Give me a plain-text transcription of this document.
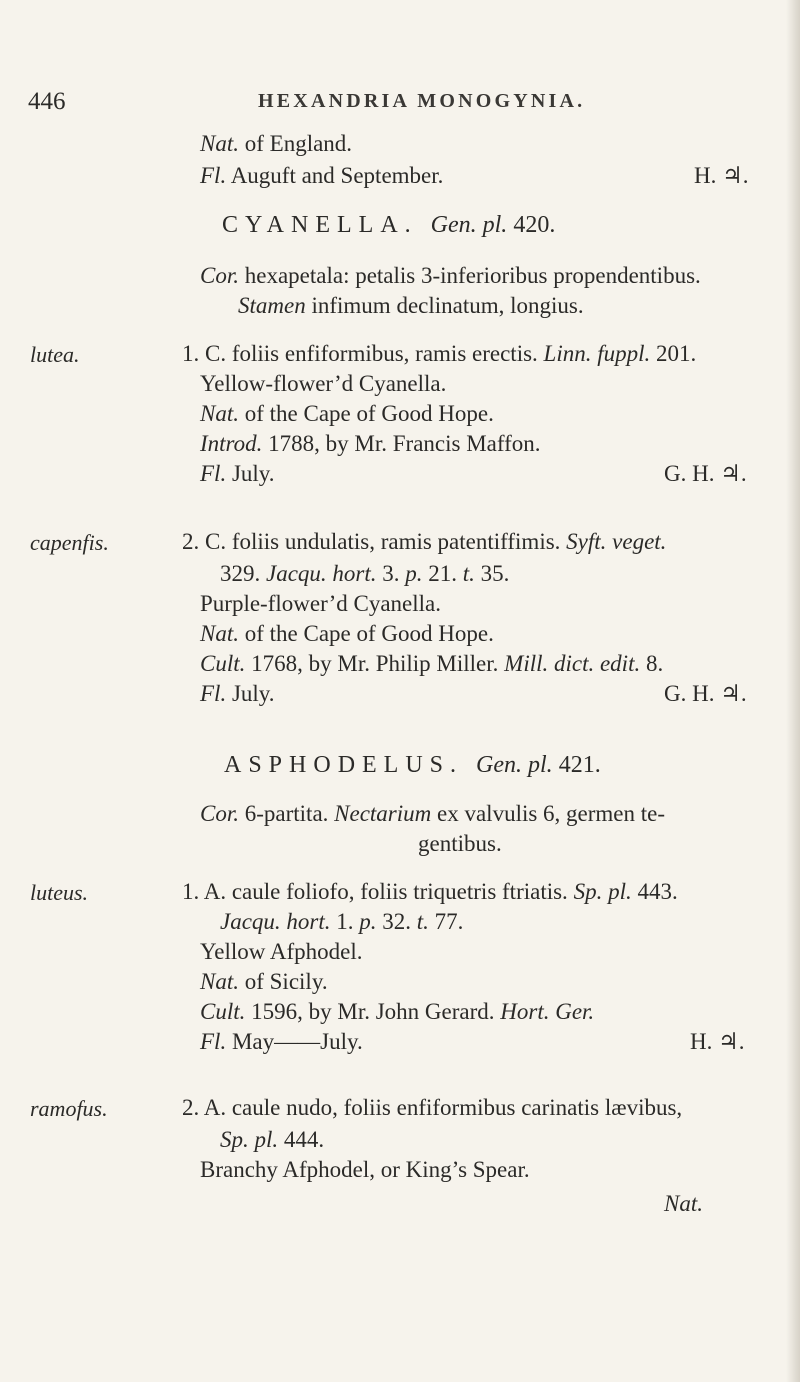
446	HEXANDRIA MONOGYNIA.
Nat. of England.
Fl. Auguft and September.	H. ♃.
CYANELLA. Gen. pl. 420.
Cor. hexapetala: petalis 3-inferioribus propendentibus.
Stamen infimum declinatum, longius.
lutea.	1. C. foliis enfiformibus, ramis erectis. Linn. fuppl. 201.
Yellow-flower’d Cyanella.
Nat. of the Cape of Good Hope.
Introd. 1788, by Mr. Francis Maffon.
Fl. July.	G. H. ♃.
capenfis.	2. C. foliis undulatis, ramis patentiffimis. Syft. veget.
329. Jacqu. hort. 3. p. 21. t. 35.
Purple-flower’d Cyanella.
Nat. of the Cape of Good Hope.
Cult. 1768, by Mr. Philip Miller. Mill. dict. edit. 8.
Fl. July.	G. H. ♃.
ASPHODELUS. Gen. pl. 421.
Cor. 6-partita. Nectarium ex valvulis 6, germen te-
gentibus.
luteus.	1. A. caule foliofo, foliis triquetris ftriatis. Sp. pl. 443.
Jacqu. hort. 1. p. 32. t. 77.
Yellow Afphodel.
Nat. of Sicily.
Cult. 1596, by Mr. John Gerard. Hort. Ger.
Fl. May——July.	H. ♃.
ramofus.	2. A. caule nudo, foliis enfiformibus carinatis lævibus,
Sp. pl. 444.
Branchy Afphodel, or King’s Spear.
Nat.
